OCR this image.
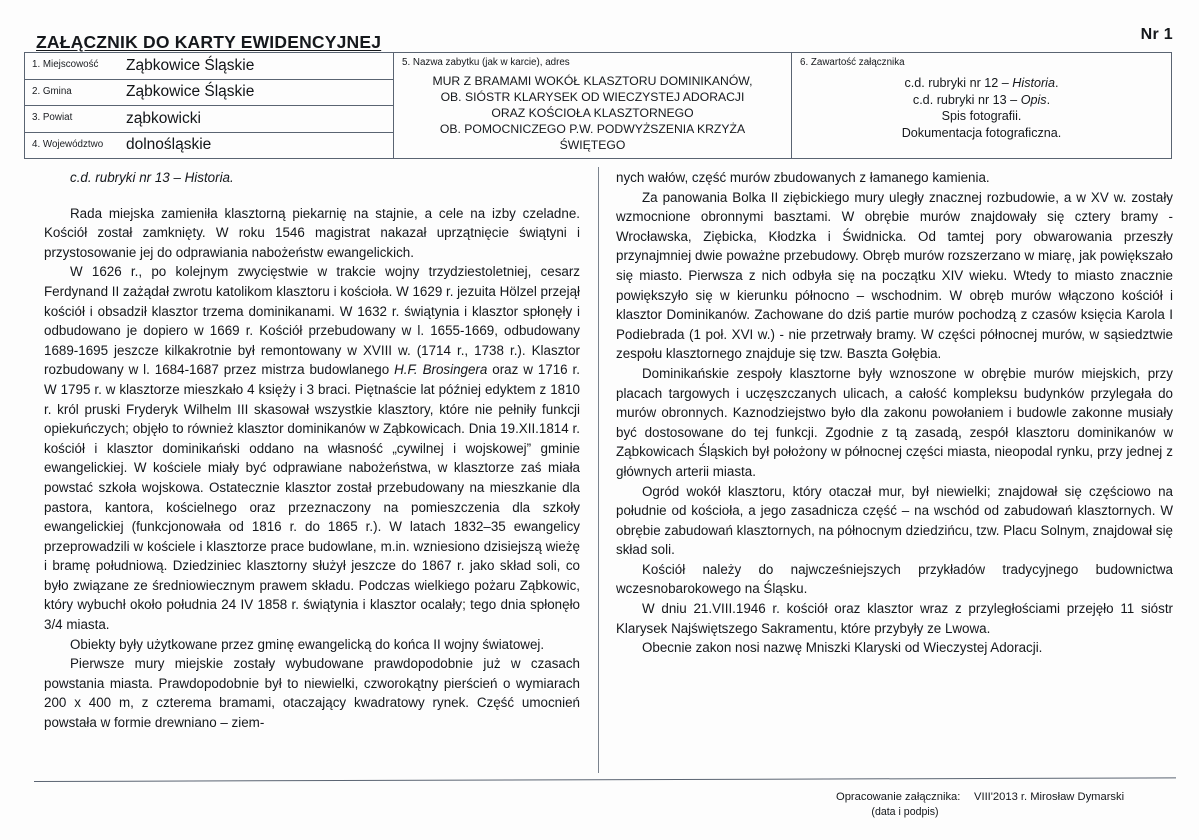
ZAŁĄCZNIK DO KARTY EWIDENCYJNEJ	Nr 1
1. Miejscowość	Ząbkowice Śląskie
2. Gmina	Ząbkowice Śląskie
3. Powiat	ząbkowicki
4. Województwo	dolnośląskie
5. Nazwa zabytku (jak w karcie), adres
MUR Z BRAMAMI WOKÓŁ KLASZTORU DOMINIKANÓW,
OB. SIÓSTR KLARYSEK OD WIECZYSTEJ ADORACJI
ORAZ KOŚCIOŁA KLASZTORNEGO
OB. POMOCNICZEGO P.W. PODWYŻSZENIA KRZYŻA
ŚWIĘTEGO
6. Zawartość załącznika
c.d. rubryki nr 12 – Historia.
c.d. rubryki nr 13 – Opis.
Spis fotografii.
Dokumentacja fotograficzna.

c.d. rubryki nr 13 – Historia.

Rada miejska zamieniła klasztorną piekarnię na stajnie, a cele na izby czeladne. Kościół został zamknięty. W roku 1546 magistrat nakazał uprzątnięcie świątyni i przystosowanie jej do odprawiania nabożeństw ewangelickich.

W 1626 r., po kolejnym zwycięstwie w trakcie wojny trzydziestoletniej, cesarz Ferdynand II zażądał zwrotu katolikom klasztoru i kościoła. W 1629 r. jezuita Hölzel przejął kościół i obsadził klasztor trzema dominikanami. W 1632 r. świątynia i klasztor spłonęły i odbudowano je dopiero w 1669 r. Kościół przebudowany w l. 1655-1669, odbudowany 1689-1695 jeszcze kilkakrotnie był remontowany w XVIII w. (1714 r., 1738 r.). Klasztor rozbudowany w l. 1684-1687 przez mistrza budowlanego H.F. Brosingera oraz w 1716 r. W 1795 r. w klasztorze mieszkało 4 księży i 3 braci. Piętnaście lat później edyktem z 1810 r. król pruski Fryderyk Wilhelm III skasował wszystkie klasztory, które nie pełniły funkcji opiekuńczych; objęło to również klasztor dominikanów w Ząbkowicach. Dnia 19.XII.1814 r. kościół i klasztor dominikański oddano na własność „cywilnej i wojskowej” gminie ewangelickiej. W kościele miały być odprawiane nabożeństwa, w klasztorze zaś miała powstać szkoła wojskowa. Ostatecznie klasztor został przebudowany na mieszkanie dla pastora, kantora, kościelnego oraz przeznaczony na pomieszczenia dla szkoły ewangelickiej (funkcjonowała od 1816 r. do 1865 r.). W latach 1832–35 ewangelicy przeprowadzili w kościele i klasztorze prace budowlane, m.in. wzniesiono dzisiejszą wieżę i bramę południową. Dziedziniec klasztorny służył jeszcze do 1867 r. jako skład soli, co było związane ze średniowiecznym prawem składu. Podczas wielkiego pożaru Ząbkowic, który wybuchł około południa 24 IV 1858 r. świątynia i klasztor ocalały; tego dnia spłonęło 3/4 miasta.

Obiekty były użytkowane przez gminę ewangelicką do końca II wojny światowej.

Pierwsze mury miejskie zostały wybudowane prawdopodobnie już w czasach powstania miasta. Prawdopodobnie był to niewielki, czworokątny pierścień o wymiarach 200 x 400 m, z czterema bramami, otaczający kwadratowy rynek. Część umocnień powstała w formie drewniano – ziem-

nych wałów, część murów zbudowanych z łamanego kamienia.

Za panowania Bolka II ziębickiego mury uległy znacznej rozbudowie, a w XV w. zostały wzmocnione obronnymi basztami. W obrębie murów znajdowały się cztery bramy - Wrocławska, Ziębicka, Kłodzka i Świdnicka. Od tamtej pory obwarowania przeszły przynajmniej dwie poważne przebudowy. Obręb murów rozszerzano w miarę, jak powiększało się miasto. Pierwsza z nich odbyła się na początku XIV wieku. Wtedy to miasto znacznie powiększyło się w kierunku północno – wschodnim. W obręb murów włączono kościół i klasztor Dominikanów. Zachowane do dziś partie murów pochodzą z czasów księcia Karola I Podiebrada (1 poł. XVI w.) - nie przetrwały bramy. W części północnej murów, w sąsiedztwie zespołu klasztornego znajduje się tzw. Baszta Gołębia.

Dominikańskie zespoły klasztorne były wznoszone w obrębie murów miejskich, przy placach targowych i uczęszczanych ulicach, a całość kompleksu budynków przylegała do murów obronnych. Kaznodziejstwo było dla zakonu powołaniem i budowle zakonne musiały być dostosowane do tej funkcji. Zgodnie z tą zasadą, zespół klasztoru dominikanów w Ząbkowicach Śląskich był położony w północnej części miasta, nieopodal rynku, przy jednej z głównych arterii miasta.

Ogród wokół klasztoru, który otaczał mur, był niewielki; znajdował się częściowo na południe od kościoła, a jego zasadnicza część – na wschód od zabudowań klasztornych. W obrębie zabudowań klasztornych, na północnym dziedzińcu, tzw. Placu Solnym, znajdował się skład soli.

Kościół należy do najwcześniejszych przykładów tradycyjnego budownictwa wczesnobarokowego na Śląsku.

W dniu 21.VIII.1946 r. kościół oraz klasztor wraz z przyległościami przejęło 11 sióstr Klarysek Najświętszego Sakramentu, które przybyły ze Lwowa.

Obecnie zakon nosi nazwę Mniszki Klaryski od Wieczystej Adoracji.

Opracowanie załącznika:	VIII'2013 r. Mirosław Dymarski
(data i podpis)
